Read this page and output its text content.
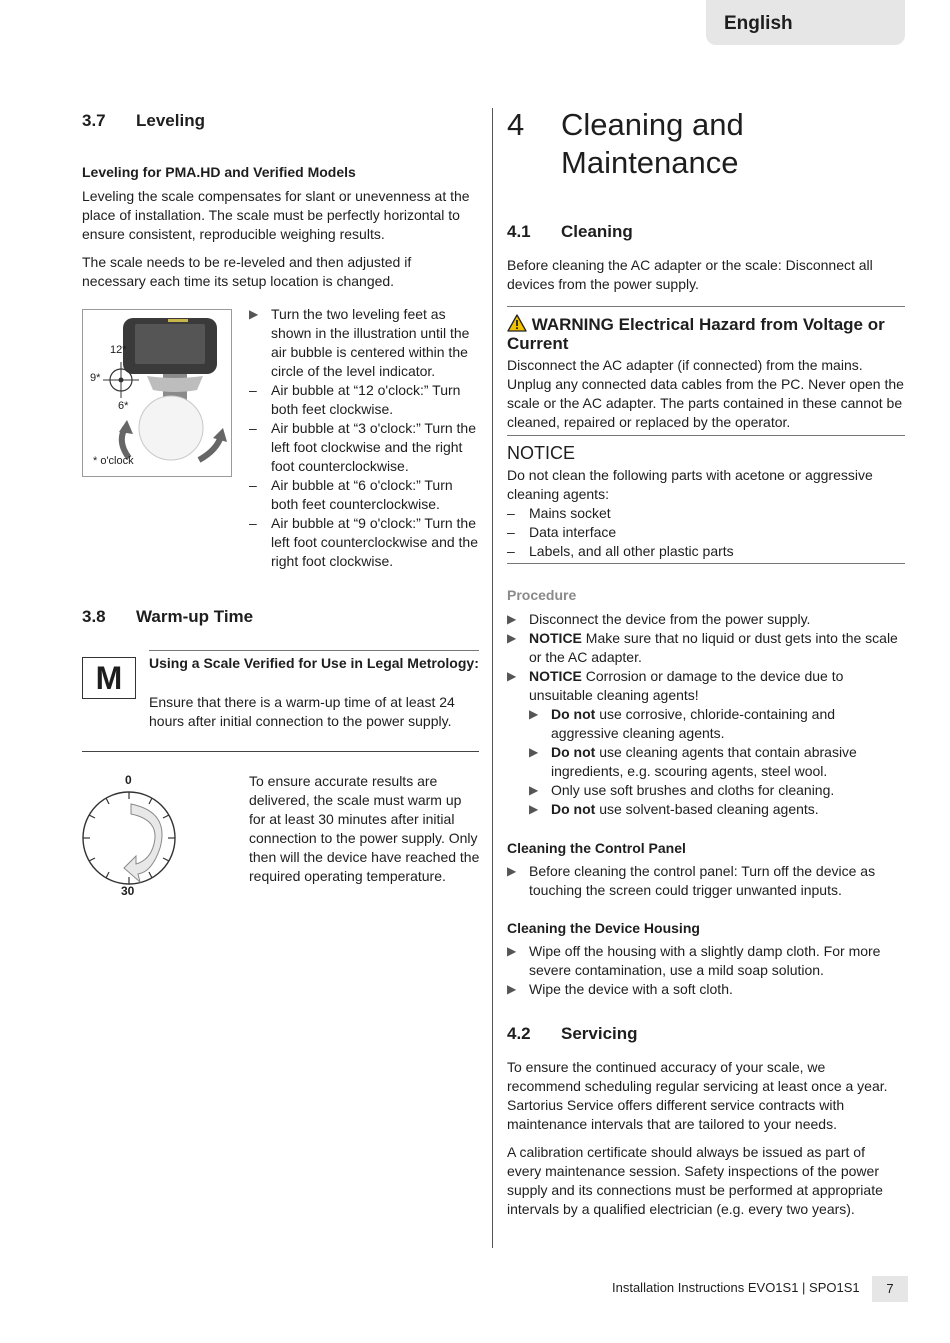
English
3.7 Leveling
Leveling for PMA.HD and Verified Models

Leveling the scale compensates for slant or unevenness at the place of installation. The scale must be perfectly horizontal to ensure consistent, reproducible weighing results.

The scale needs to be re-leveled and then adjusted if necessary each time its setup location is changed.

12*
9*
6*
* o'clock
▶ Turn the two leveling feet as shown in the illustration until the air bubble is centered within the circle of the level indicator.
– Air bubble at “12 o'clock:” Turn both feet clockwise.
– Air bubble at “3 o'clock:” Turn the left foot clockwise and the right foot counterclockwise.
– Air bubble at “6 o'clock:” Turn both feet counterclockwise.
– Air bubble at “9 o'clock:” Turn the left foot counterclockwise and the right foot clockwise.
3.8 Warm-up Time
M	Using a Scale Verified for Use in Legal Metrology:

Ensure that there is a warm-up time of at least 24 hours after initial connection to the power supply.

0
30

To ensure accurate results are delivered, the scale must warm up for at least 30 minutes after initial connection to the power supply. Only then will the device have reached the required operating temperature.

4	Cleaning and
Maintenance
4.1 Cleaning

Before cleaning the AC adapter or the scale: Disconnect all devices from the power supply.

WARNING Electrical Hazard from Voltage or Current

Disconnect the AC adapter (if connected) from the mains. Unplug any connected data cables from the PC. Never open the scale or the AC adapter. The parts contained in these cannot be cleaned, repaired or replaced by the operator.

NOTICE

Do not clean the following parts with acetone or aggressive cleaning agents:

– Mains socket
– Data interface
– Labels, and all other plastic parts
Procedure
▶ Disconnect the device from the power supply.
▶ NOTICE Make sure that no liquid or dust gets into the scale or the AC adapter.
▶ NOTICE Corrosion or damage to the device due to unsuitable cleaning agents!
▶ Do not use corrosive, chloride-containing and aggressive cleaning agents.
▶ Do not use cleaning agents that contain abrasive ingredients, e.g. scouring agents, steel wool.
▶ Only use soft brushes and cloths for cleaning.
▶ Do not use solvent-based cleaning agents.
Cleaning the Control Panel
▶ Before cleaning the control panel: Turn off the device as touching the screen could trigger unwanted inputs.
Cleaning the Device Housing
▶ Wipe off the housing with a slightly damp cloth. For more severe contamination, use a mild soap solution.
▶ Wipe the device with a soft cloth.
4.2 Servicing

To ensure the continued accuracy of your scale, we recommend scheduling regular servicing at least once a year. Sartorius Service offers different service contracts with maintenance intervals that are tailored to your needs.

A calibration certificate should always be issued as part of every maintenance session. Safety inspections of the power supply and its connections must be performed at appropriate intervals by a qualified electrician (e.g. every two years).

Installation Instructions EVO1S1 | SPO1S1	7
